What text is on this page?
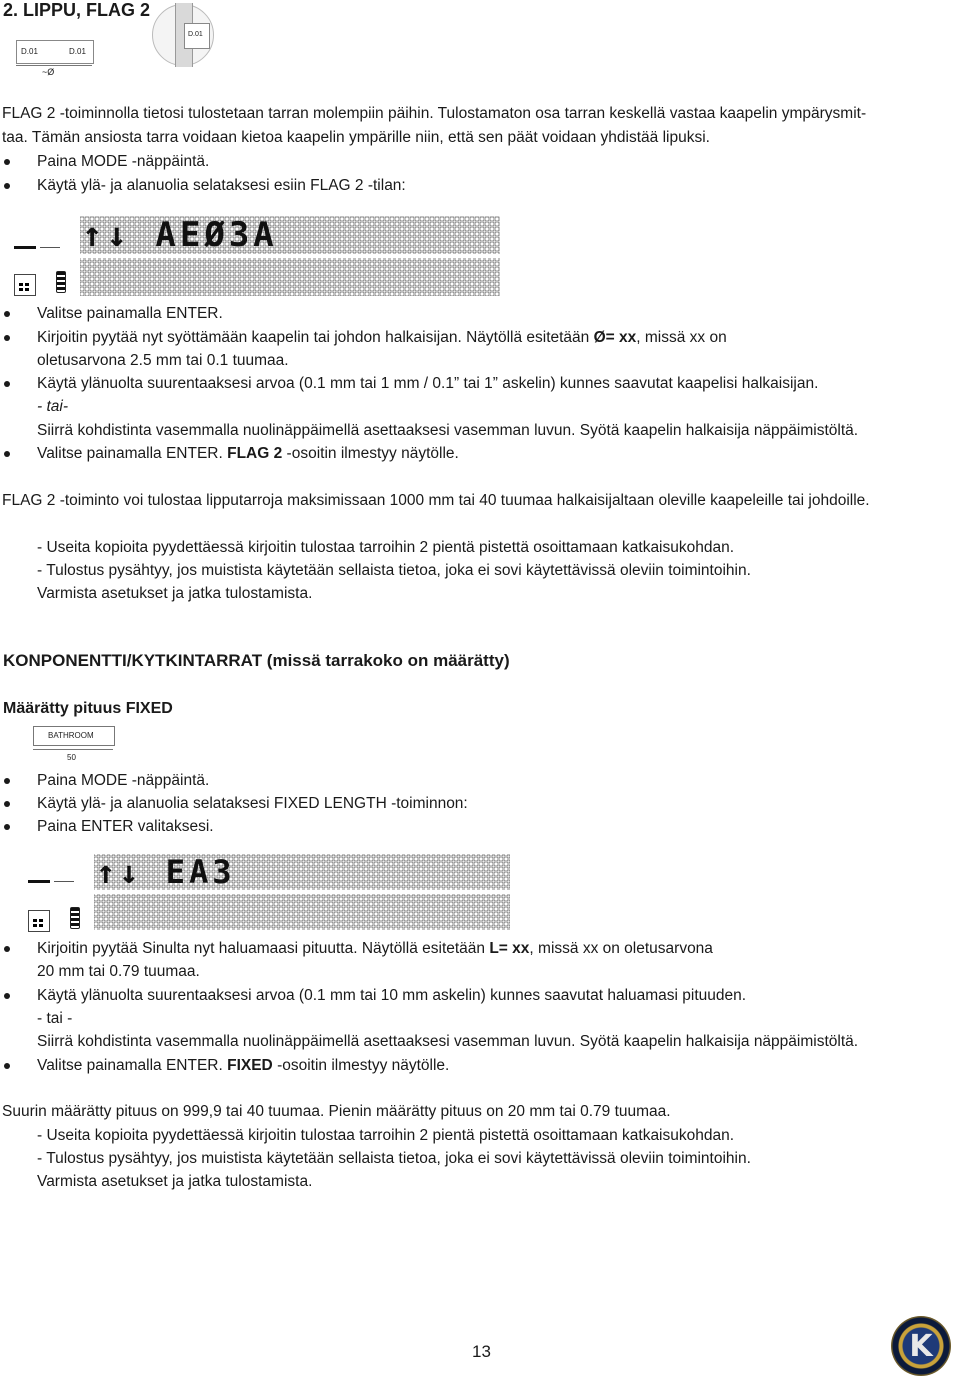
2. LIPPU, FLAG 2
D.01	D.01
~Ø
D.01
FLAG 2 -toiminnolla tietosi tulostetaan tarran molempiin päihin. Tulostamaton osa tarran keskellä vastaa kaapelin ympärysmit-
taa. Tämän ansiosta tarra voidaan kietoa kaapelin ympärille niin, että sen päät voidaan yhdistää lipuksi.
Paina MODE -näppäintä.
Käytä ylä- ja alanuolia selataksesi esiin FLAG 2 -tilan:
↑↓ AEØ3A
Valitse painamalla ENTER.
Kirjoitin pyytää nyt syöttämään kaapelin tai johdon halkaisijan. Näytöllä esitetään Ø= xx, missä xx on
oletusarvona 2.5 mm tai 0.1 tuumaa.
Käytä ylänuolta suurentaaksesi arvoa (0.1 mm tai 1 mm / 0.1” tai 1” askelin) kunnes saavutat kaapelisi halkaisijan.
- tai-
Siirrä kohdistinta vasemmalla nuolinäppäimellä asettaaksesi vasemman luvun. Syötä kaapelin halkaisija näppäimistöltä.
Valitse painamalla ENTER. FLAG 2 -osoitin ilmestyy näytölle.
FLAG 2 -toiminto voi tulostaa lipputarroja maksimissaan 1000 mm tai 40 tuumaa halkaisijaltaan oleville kaapeleille tai johdoille.
- Useita kopioita pyydettäessä kirjoitin tulostaa tarroihin 2 pientä pistettä osoittamaan katkaisukohdan.
- Tulostus pysähtyy, jos muistista käytetään sellaista tietoa, joka ei sovi käytettävissä oleviin toimintoihin.
Varmista asetukset ja jatka tulostamista.
KONPONENTTI/KYTKINTARRAT (missä tarrakoko on määrätty)
Määrätty pituus FIXED
BATHROOM
50
Paina MODE -näppäintä.
Käytä ylä- ja alanuolia selataksesi FIXED LENGTH -toiminnon:
Paina ENTER valitaksesi.
↑↓ EA3
Kirjoitin pyytää Sinulta nyt haluamaasi pituutta. Näytöllä esitetään L= xx, missä xx on oletusarvona
20 mm tai 0.79 tuumaa.
Käytä ylänuolta suurentaaksesi arvoa (0.1 mm tai 10 mm askelin) kunnes saavutat haluamasi pituuden.
- tai -
Siirrä kohdistinta vasemmalla nuolinäppäimellä asettaaksesi vasemman luvun. Syötä kaapelin halkaisija näppäimistöltä.
Valitse painamalla ENTER. FIXED -osoitin ilmestyy näytölle.
Suurin määrätty pituus on 999,9 tai 40 tuumaa. Pienin määrätty pituus on 20 mm tai 0.79 tuumaa.
- Useita kopioita pyydettäessä kirjoitin tulostaa tarroihin 2 pientä pistettä osoittamaan katkaisukohdan.
- Tulostus pysähtyy, jos muistista käytetään sellaista tietoa, joka ei sovi käytettävissä oleviin toimintoihin.
Varmista asetukset ja jatka tulostamista.
13
K
